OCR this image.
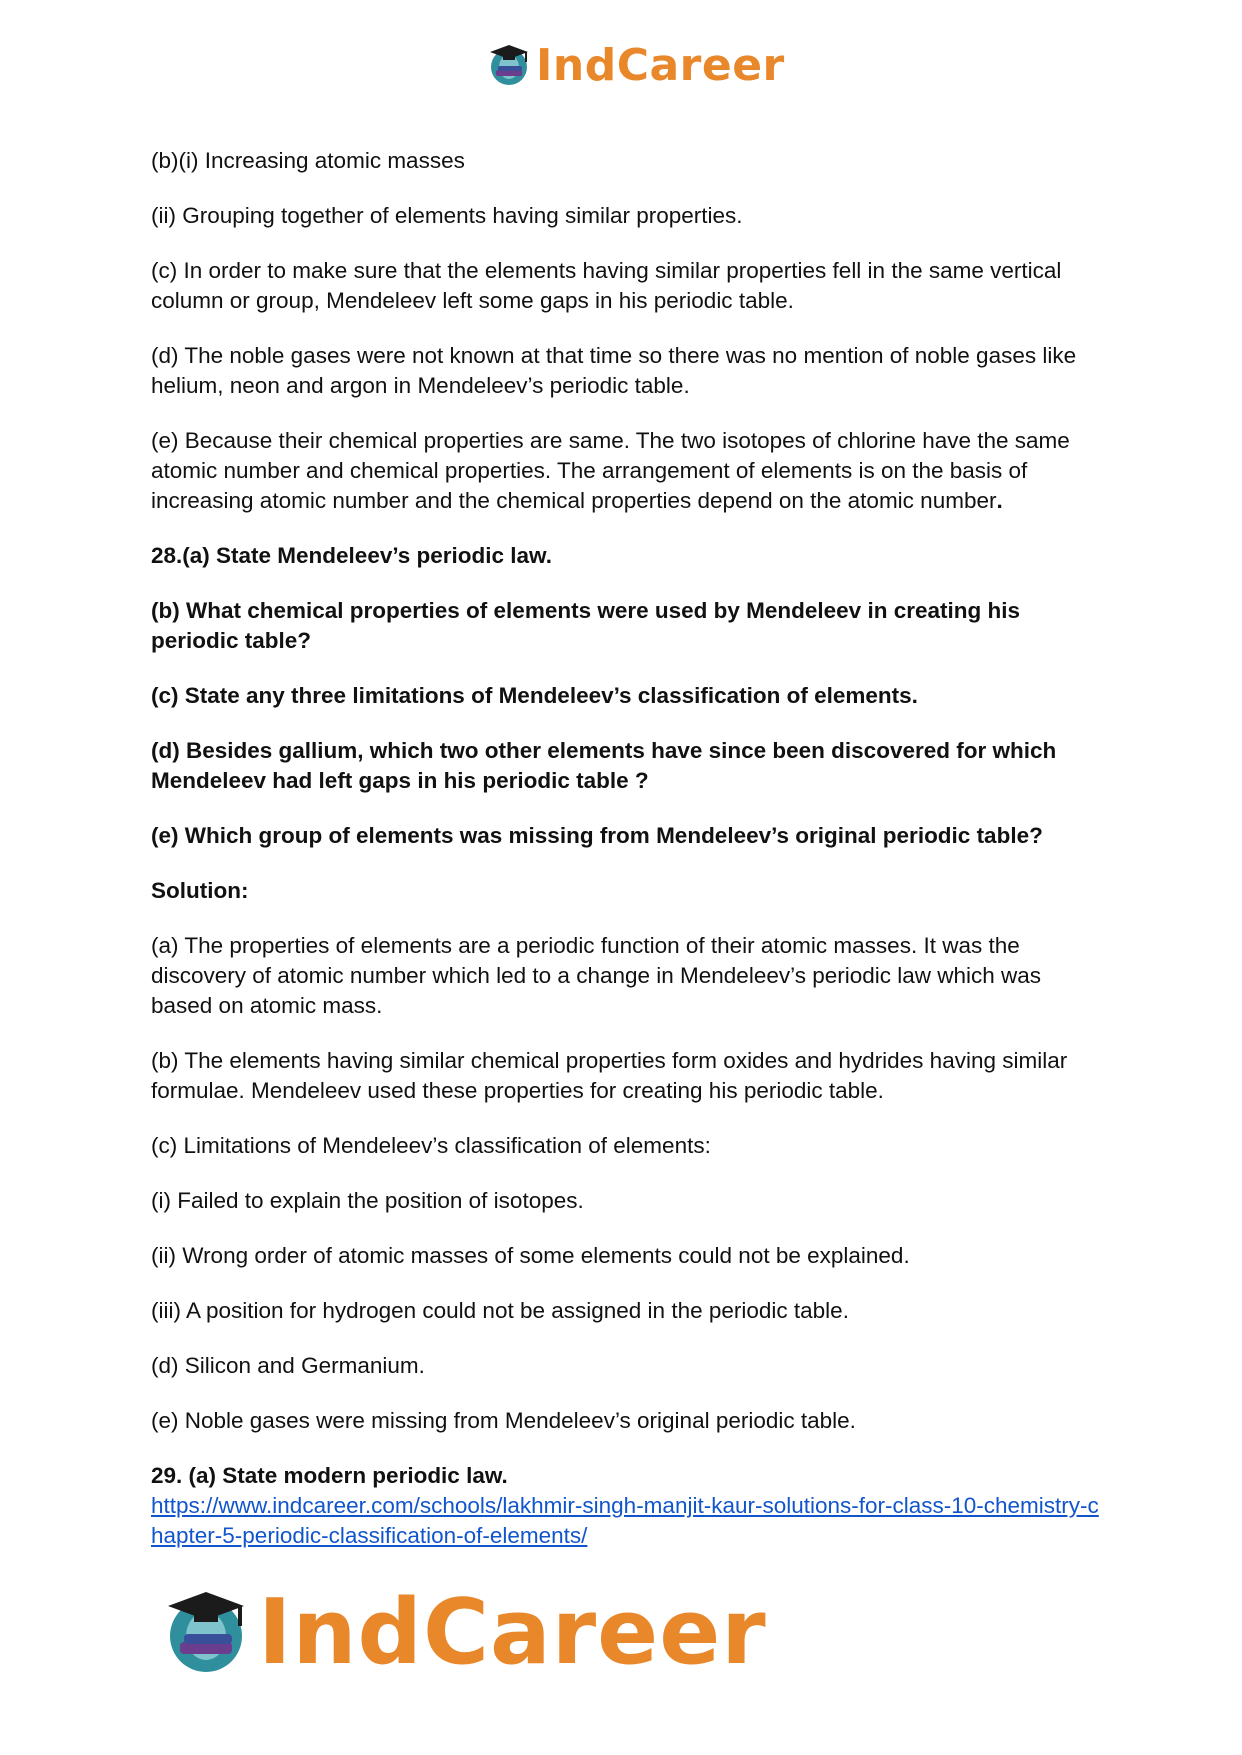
IndCareer

(b)(i) Increasing atomic masses

(ii) Grouping together of elements having similar properties.

(c) In order to make sure that the elements having similar properties fell in the same vertical column or group, Mendeleev left some gaps in his periodic table.

(d) The noble gases were not known at that time so there was no mention of noble gases like helium, neon and argon in Mendeleev’s periodic table.

(e) Because their chemical properties are same. The two isotopes of chlorine have the same atomic number and chemical properties. The arrangement of elements is on the basis of increasing atomic number and the chemical properties depend on the atomic number.

28.(a) State Mendeleev’s periodic law.

(b) What chemical properties of elements were used by Mendeleev in creating his periodic table?

(c) State any three limitations of Mendeleev’s classification of elements.

(d) Besides gallium, which two other elements have since been discovered for which Mendeleev had left gaps in his periodic table ?

(e) Which group of elements was missing from Mendeleev’s original periodic table?

Solution:

(a) The properties of elements are a periodic function of their atomic masses. It was the discovery of atomic number which led to a change in Mendeleev’s periodic law which was based on atomic mass.

(b) The elements having similar chemical properties form oxides and hydrides having similar formulae. Mendeleev used these properties for creating his periodic table.

(c) Limitations of Mendeleev’s classification of elements:

(i) Failed to explain the position of isotopes.

(ii) Wrong order of atomic masses of some elements could not be explained.

(iii) A position for hydrogen could not be assigned in the periodic table.

(d) Silicon and Germanium.

(e) Noble gases were missing from Mendeleev’s original periodic table.

29. (a) State modern periodic law.

https://www.indcareer.com/schools/lakhmir-singh-manjit-kaur-solutions-for-class-10-chemistry-chapter-5-periodic-classification-of-elements/
IndCareer
